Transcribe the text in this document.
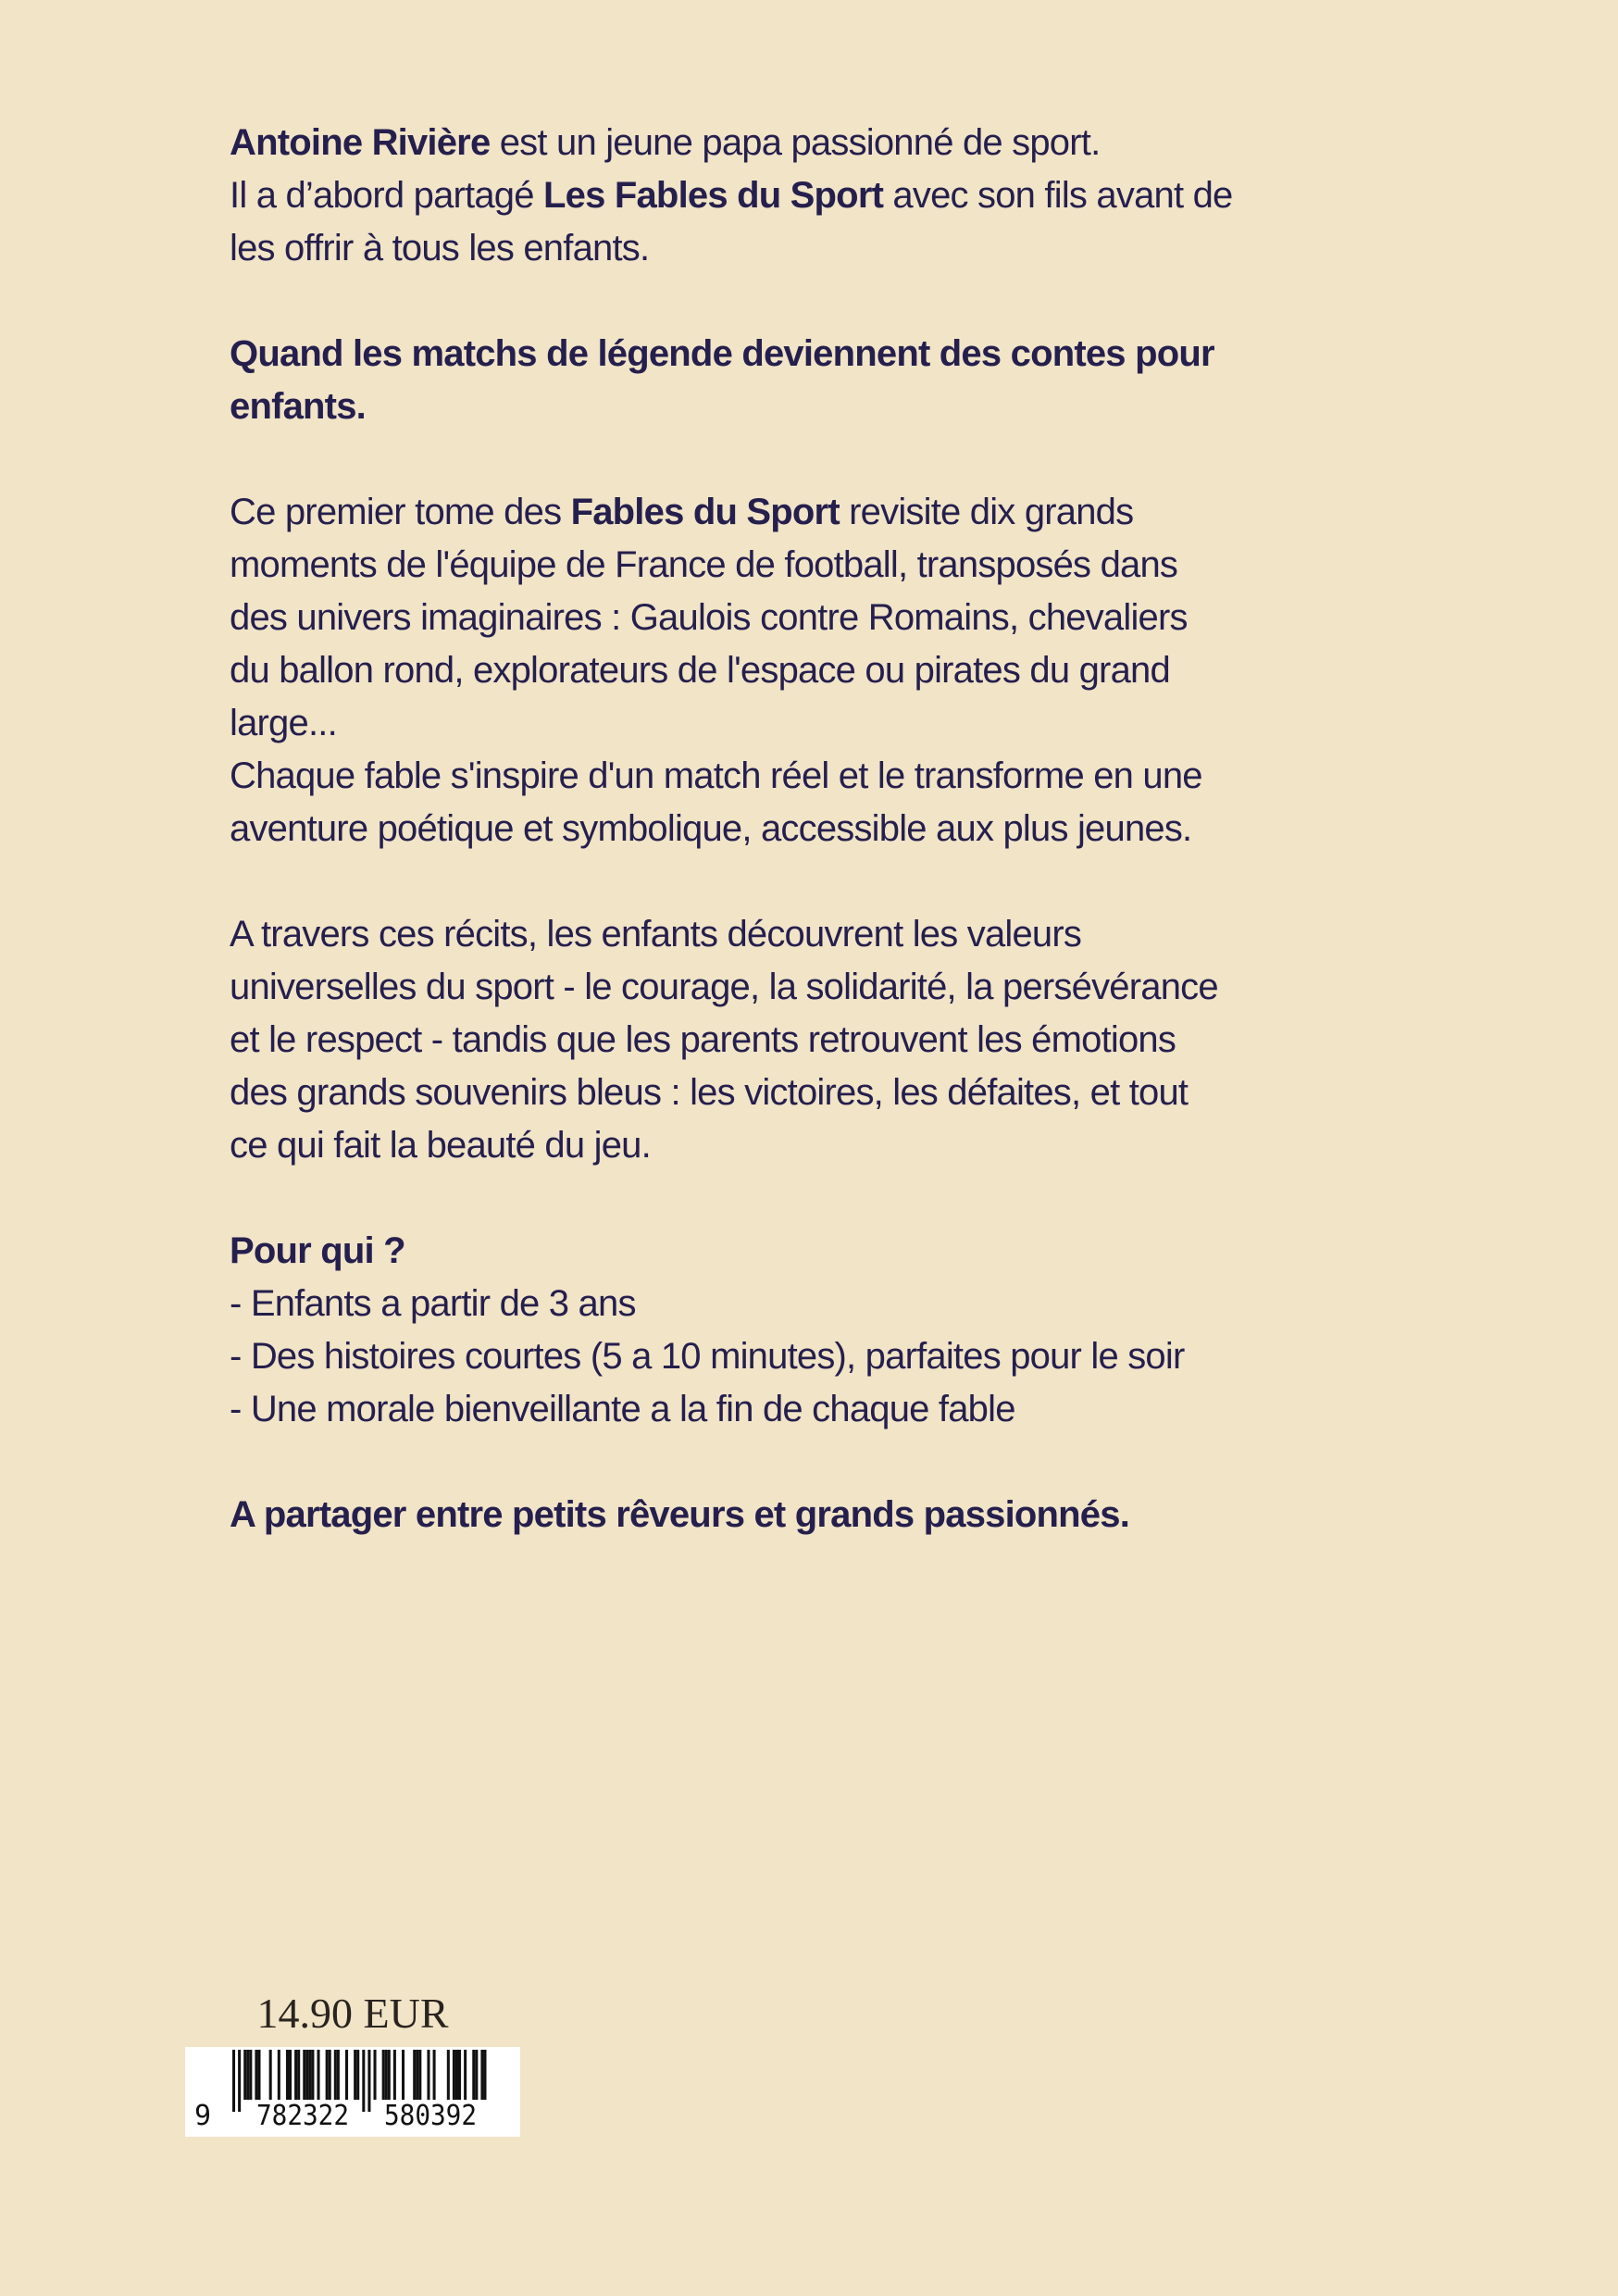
Antoine Rivière est un jeune papa passionné de sport.
Il a d’abord partagé Les Fables du Sport avec son fils avant de
les offrir à tous les enfants.
Quand les matchs de légende deviennent des contes pour
enfants.
Ce premier tome des Fables du Sport revisite dix grands
moments de l'équipe de France de football, transposés dans
des univers imaginaires : Gaulois contre Romains, chevaliers
du ballon rond, explorateurs de l'espace ou pirates du grand
large...
Chaque fable s'inspire d'un match réel et le transforme en une
aventure poétique et symbolique, accessible aux plus jeunes.
A travers ces récits, les enfants découvrent les valeurs
universelles du sport - le courage, la solidarité, la persévérance
et le respect - tandis que les parents retrouvent les émotions
des grands souvenirs bleus : les victoires, les défaites, et tout
ce qui fait la beauté du jeu.
Pour qui ?
- Enfants a partir de 3 ans
- Des histoires courtes (5 a 10 minutes), parfaites pour le soir
- Une morale bienveillante a la fin de chaque fable
A partager entre petits rêveurs et grands passionnés.
14.90 EUR
9 782322 580392
